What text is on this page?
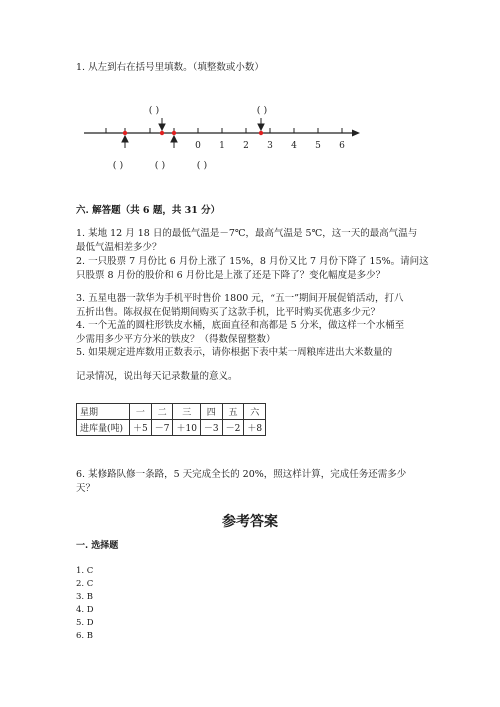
1. 从左到右在括号里填数。（填整数或小数）
0 1 2 3 4 5 6
( )	( )
( )	( )	( )
六. 解答题（共 6 题，共 31 分）
1. 某地 12 月 18 日的最低气温是－7℃，最高气温是 5℃，这一天的最高气温与
最低气温相差多少？
2. 一只股票 7 月份比 6 月份上涨了 15%，8 月份又比 7 月份下降了 15%。请问这
只股票 8 月份的股价和 6 月份比是上涨了还是下降了？变化幅度是多少？
3. 五星电器一款华为手机平时售价 1800 元，“五一”期间开展促销活动，打八
五折出售。陈叔叔在促销期间购买了这款手机，比平时购买优惠多少元？
4. 一个无盖的圆柱形铁皮水桶，底面直径和高都是 5 分米，做这样一个水桶至
少需用多少平方分米的铁皮？（得数保留整数）
5. 如果规定进库数用正数表示，请你根据下表中某一周粮库进出大米数量的
记录情况，说出每天记录数量的意义。
星期	一	二	三	四	五	六
进库量(吨)	＋5	－7	＋10	－3	－2	＋8
6. 某修路队修一条路，5 天完成全长的 20%，照这样计算，完成任务还需多少
天？
参考答案
一. 选择题
1. C
2. C
3. B
4. D
5. D
6. B
